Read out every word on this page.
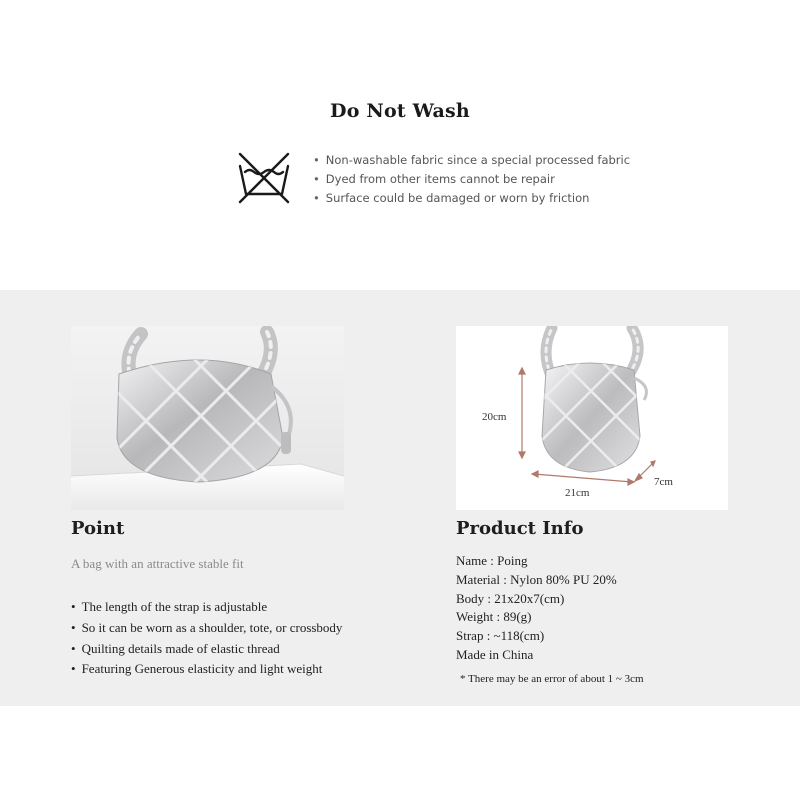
Do Not Wash
• Non-washable fabric since a special processed fabric
• Dyed from other items cannot be repair
• Surface could be damaged or worn by friction
20cm
21cm
7cm
Point
A bag with an attractive stable fit
• The length of the strap is adjustable
• So it can be worn as a shoulder, tote, or crossbody
• Quilting details made of elastic thread
• Featuring Generous elasticity and light weight
Product Info
Name : Poing
Material : Nylon 80% PU 20%
Body : 21x20x7(cm)
Weight : 89(g)
Strap : ~118(cm)
Made in China
* There may be an error of about 1 ~ 3cm
